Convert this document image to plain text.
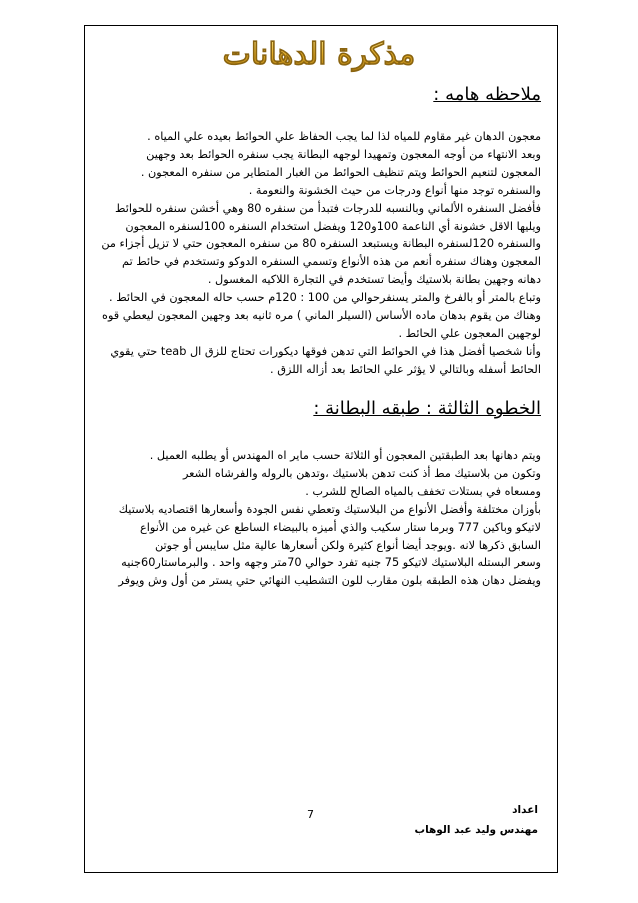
مذكرة الدهانات
ملاحظه هامه :

معجون الدهان غير مقاوم للمياه لذا لما يجب الحفاظ علي الحوائط بعيده علي المياه .

وبعد الانتهاء من أوجه المعجون وتمهيدا لوجهه البطانة يجب سنفره الحوائط بعد وجهين

المعجون لتنعيم الحوائط ويتم تنظيف الحوائط من الغبار المتطاير من سنفره المعجون .

والسنفره توجد منها أنواع ودرجات من حيث الخشونة والنعومة .

فأفضل السنفره الألماني وبالنسبه للدرجات فتبدأ من سنفره 80 وهي أخشن سنفره للحوائط

ويليها الاقل خشونة أي الناعمة 100و120 ويفضل استخدام السنفره 100لسنفره المعجون

والسنفره 120لسنفره البطانة ويستبعد السنفره 80 من سنفره المعجون حتي لا تزيل أجزاء من

المعجون وهناك سنفره أنعم من هذه الأنواع وتسمي السنفره الدوكو وتستخدم في حائط تم

دهانه وجهين بطانة بلاستيك وأيضا تستخدم في التجارة اللاكيه المغسول .

وتباع بالمتر أو بالفرخ والمتر يسنفرحوالي من 100 : 120م حسب حاله المعجون في الحائط .

وهناك من يقوم بدهان ماده الأساس (السيلر الماني ) مره ثانيه بعد وجهين المعجون ليعطي قوه

لوجهين المعجون علي الحائط .

وأنا شخصيا أفضل هذا في الحوائط التي تدهن فوقها ديكورات تحتاج للزق ال teab حتي يقوي

الحائط أسفله وبالتالي لا يؤثر علي الحائط بعد أزاله اللزق .

الخطوه الثالثة : طبقه البطانة :

ويتم دهانها بعد الطبقتين المعجون أو الثلاثة حسب ماير اه المهندس أو يطلبه العميل .

وتكون من بلاستيك مط أذ كنت تدهن بلاستيك ،وتدهن بالروله والفرشاه الشعر

ومسعاه في بستلات تخفف بالمياه الصالح للشرب .

بأوزان مختلفة وأفضل الأنواع من البلاستيك وتعطي نفس الجودة وأسعارها اقتصاديه بلاستيك

لاتيكو وباكين 777 وبرما ستار سكيب والذي أميزه بالبيضاء الساطع عن غيره من الأنواع

السابق ذكرها لانه .ويوجد أيضا أنواع كثيرة ولكن أسعارها عالية مثل سايبس أو جوتن

وسعر البستله البلاستيك لاتيكو 75 جنيه تفرد حوالي 70متر وجهه واحد . والبرماستار60جنيه

ويفضل دهان هذه الطبقه بلون مقارب للون التشطيب النهائي حتي يستر من أول وش ويوفر

7	اعداد
مهندس وليد عبد الوهاب
